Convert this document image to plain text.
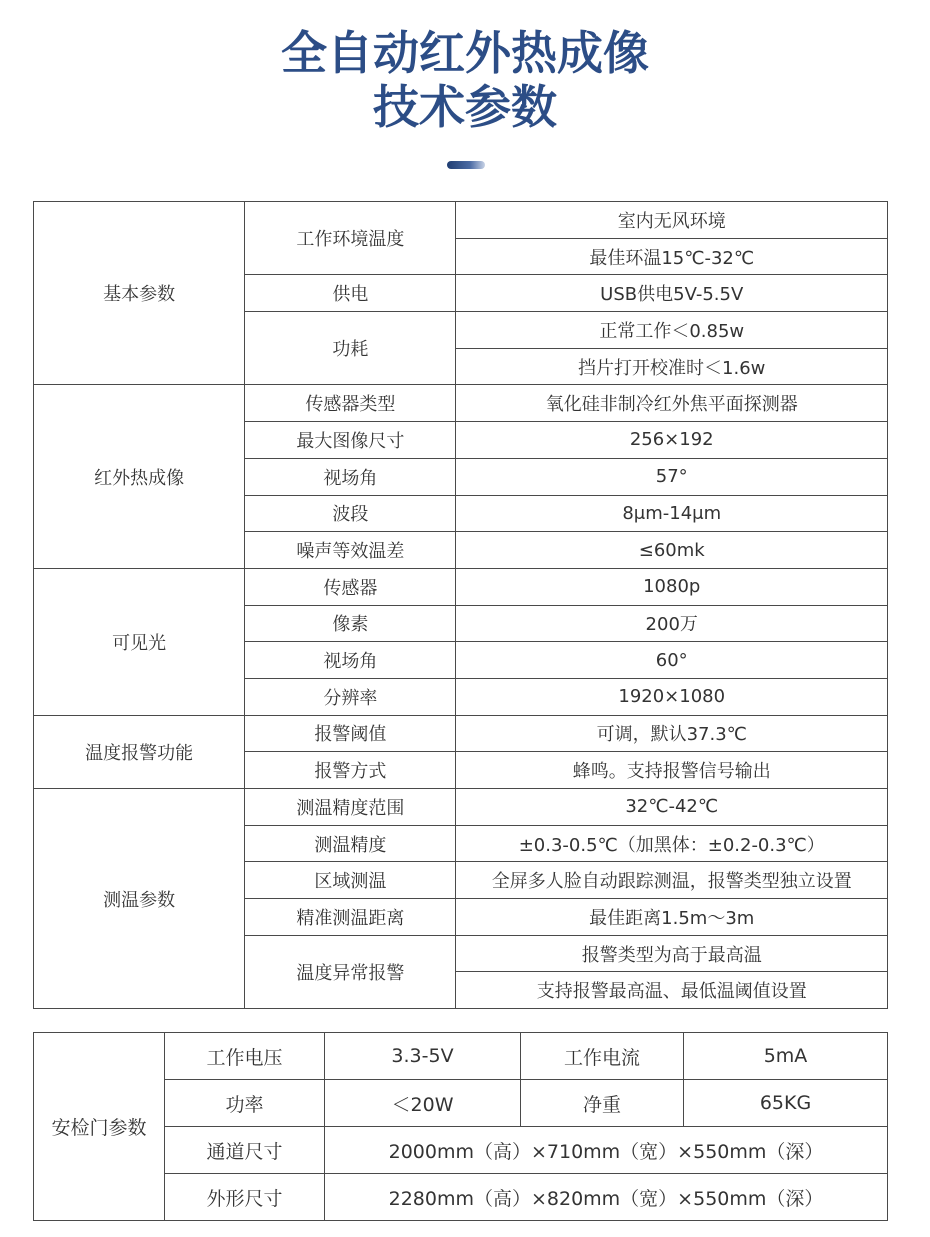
全自动红外热成像
技术参数
基本参数	工作环境温度	室内无风环境
		最佳环温15℃-32℃
	供电	USB供电5V-5.5V
	功耗	正常工作＜0.85w
		挡片打开校准时＜1.6w
红外热成像	传感器类型	氧化硅非制冷红外焦平面探测器
	最大图像尺寸	256×192
	视场角	57°
	波段	8μm-14μm
	噪声等效温差	≤60mk
可见光	传感器	1080p
	像素	200万
	视场角	60°
	分辨率	1920×1080
温度报警功能	报警阈值	可调，默认37.3℃
	报警方式	蜂鸣。支持报警信号输出
测温参数	测温精度范围	32℃-42℃
	测温精度	±0.3-0.5℃（加黑体：±0.2-0.3℃）
	区域测温	全屏多人脸自动跟踪测温，报警类型独立设置
	精准测温距离	最佳距离1.5m～3m
	温度异常报警	报警类型为高于最高温
		支持报警最高温、最低温阈值设置
安检门参数	工作电压	3.3-5V	工作电流	5mA
	功率	＜20W	净重	65KG
	通道尺寸	2000mm（高）×710mm（宽）×550mm（深）		
	外形尺寸	2280mm（高）×820mm（宽）×550mm（深）		
